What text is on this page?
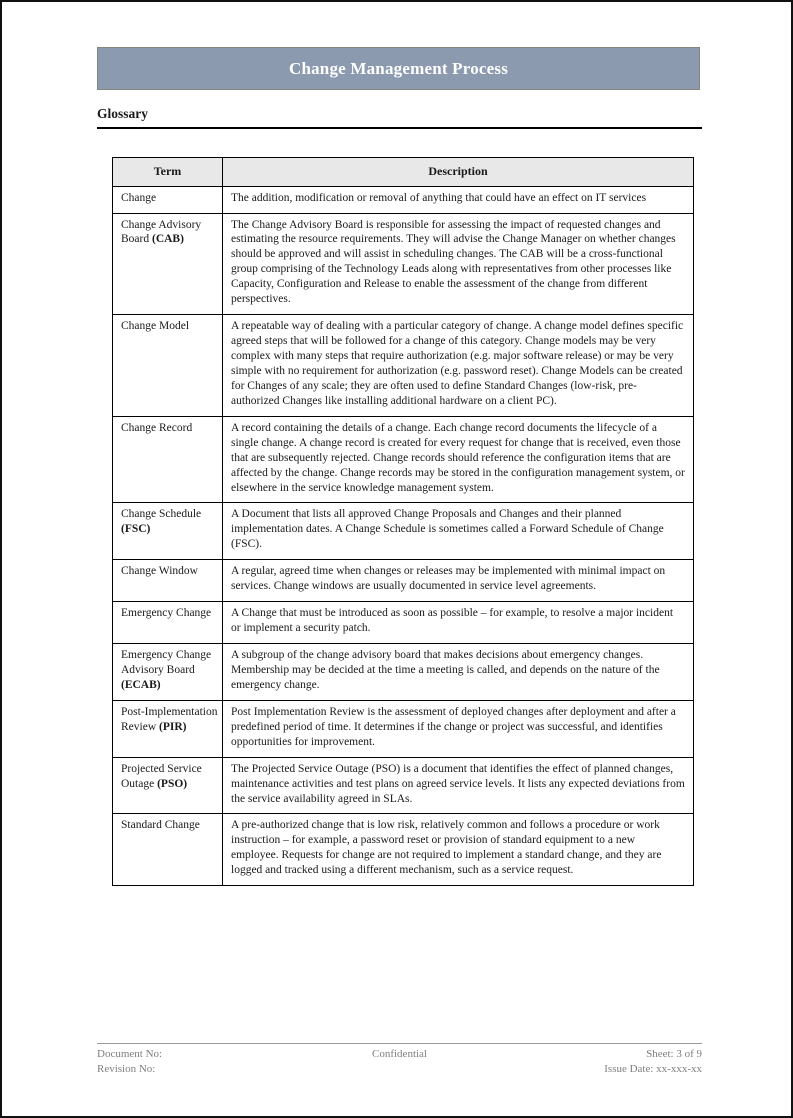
Change Management Process
Glossary
Term	Description
Change	The addition, modification or removal of anything that could have an effect on IT services
Change Advisory Board (CAB)	The Change Advisory Board is responsible for assessing the impact of requested changes and estimating the resource requirements. They will advise the Change Manager on whether changes should be approved and will assist in scheduling changes. The CAB will be a cross-functional group comprising of the Technology Leads along with representatives from other processes like Capacity, Configuration and Release to enable the assessment of the change from different perspectives.
Change Model	A repeatable way of dealing with a particular category of change. A change model defines specific agreed steps that will be followed for a change of this category. Change models may be very complex with many steps that require authorization (e.g. major software release) or may be very simple with no requirement for authorization (e.g. password reset). Change Models can be created for Changes of any scale; they are often used to define Standard Changes (low-risk, pre-authorized Changes like installing additional hardware on a client PC).
Change Record	A record containing the details of a change. Each change record documents the lifecycle of a single change. A change record is created for every request for change that is received, even those that are subsequently rejected. Change records should reference the configuration items that are affected by the change. Change records may be stored in the configuration management system, or elsewhere in the service knowledge management system.
Change Schedule (FSC)	A Document that lists all approved Change Proposals and Changes and their planned implementation dates. A Change Schedule is sometimes called a Forward Schedule of Change (FSC).
Change Window	A regular, agreed time when changes or releases may be implemented with minimal impact on services. Change windows are usually documented in service level agreements.
Emergency Change	A Change that must be introduced as soon as possible – for example, to resolve a major incident or implement a security patch.
Emergency Change Advisory Board (ECAB)	A subgroup of the change advisory board that makes decisions about emergency changes. Membership may be decided at the time a meeting is called, and depends on the nature of the emergency change.
Post-Implementation Review (PIR)	Post Implementation Review is the assessment of deployed changes after deployment and after a predefined period of time. It determines if the change or project was successful, and identifies opportunities for improvement.
Projected Service Outage (PSO)	The Projected Service Outage (PSO) is a document that identifies the effect of planned changes, maintenance activities and test plans on agreed service levels. It lists any expected deviations from the service availability agreed in SLAs.
Standard Change	A pre-authorized change that is low risk, relatively common and follows a procedure or work instruction – for example, a password reset or provision of standard equipment to a new employee. Requests for change are not required to implement a standard change, and they are logged and tracked using a different mechanism, such as a service request.
Document No:
Revision No:
Confidential	Sheet: 3 of 9
Issue Date: xx-xxx-xx
